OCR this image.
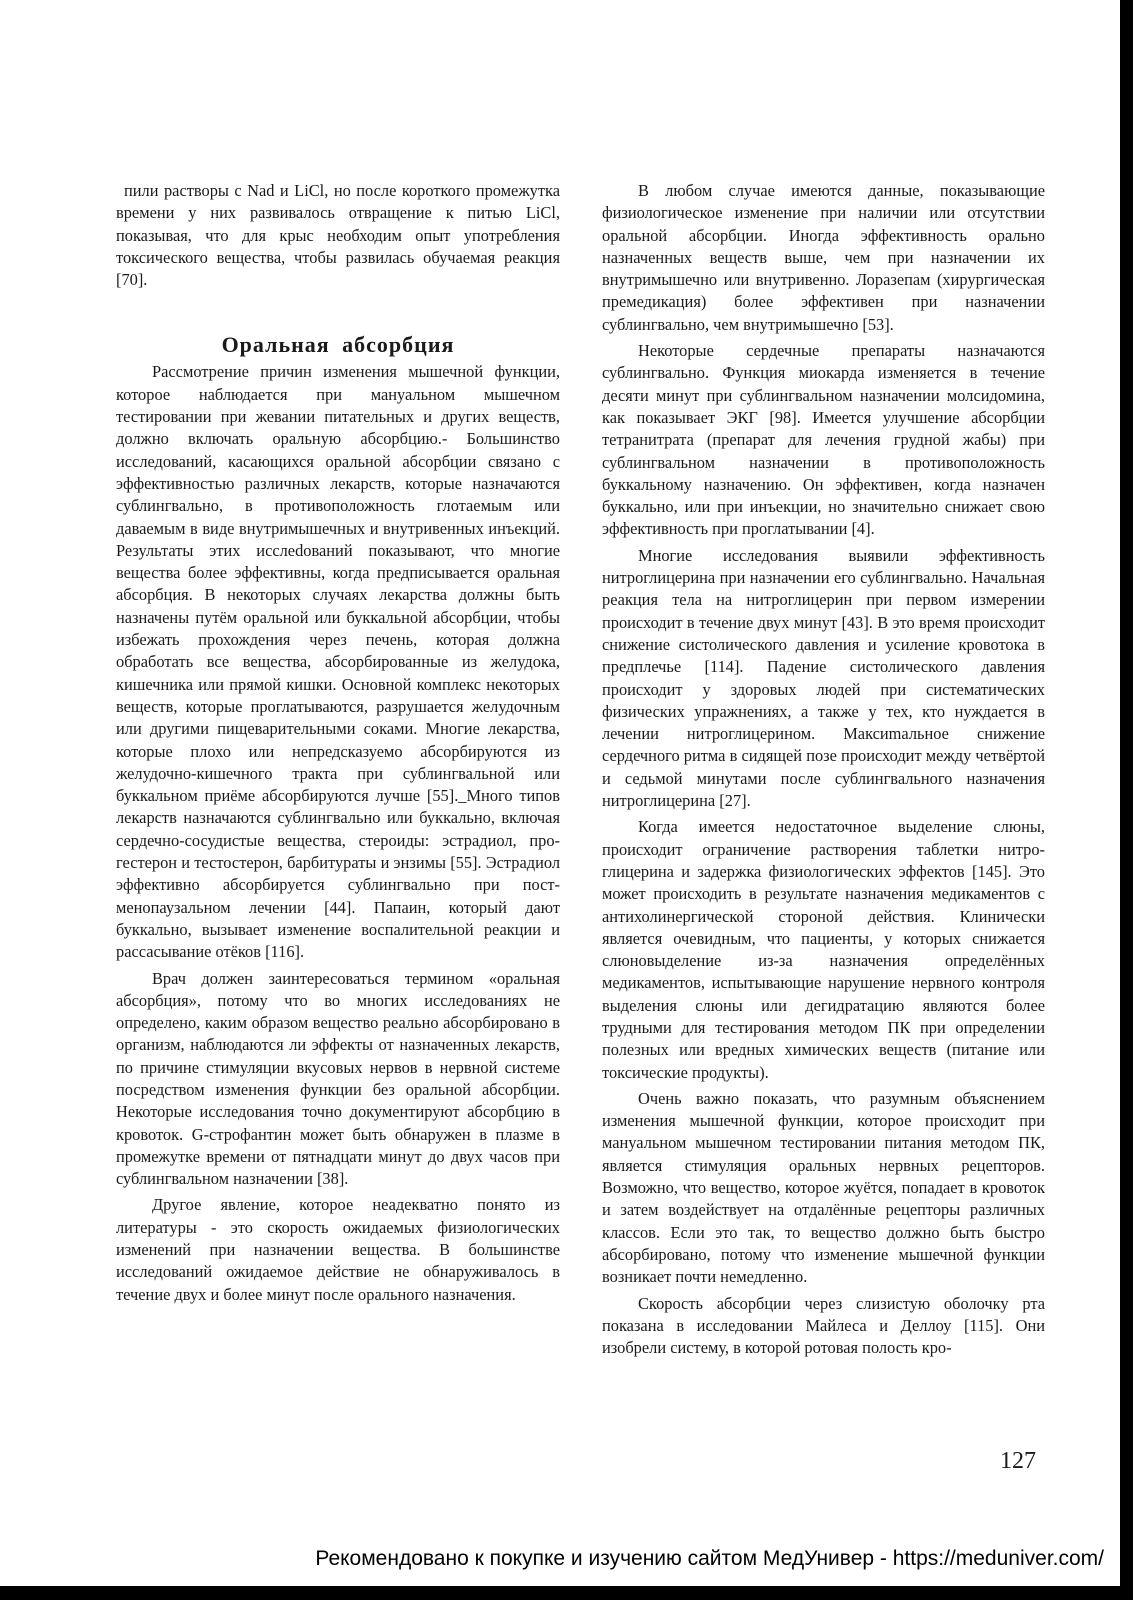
пили растворы с Nad и LiCl, но после короткого промежутка времени у них развивалось отвращение к питью LiCl, показывая, что для крыс необходим опыт употребления токсического вещества, чтобы развилась обучаемая реакция [70].

Оральная абсорбция

Рассмотрение причин изменения мышечной функции, которое наблюдается при мануальном мышечном тестировании при жевании питательных и других веществ, должно включать оральную абсорбцию.- Большинство исследований, касающихся оральной абсорбции связано с эффективностью различных лекарств, которые назначаются сублингвально, в противоположность глотаемым или даваемым в виде внутримышечных и внутривенных инъекций. Результаты этих исслеdований показывают, что многие вещества более эффективны, когда предписывается оральная абсорбция. В некоторых случаях лекарства должны быть назначены путём оральной или буккальной абсорбции, чтобы избежать прохождения через печень, которая должна обработать все вещества, абсорбированные из желудока, кишечника или прямой кишки. Основной комплекс некоторых веществ, которые проглатываются, разрушается желудочным или другими пищеварительными соками. Многие лекарства, которые плохо или непредсказуемо абсорбируются из желудочно-кишечного тракта при сублингвальной или буккальном приёме абсорбируются лучше [55]._Много типов лекарств назначаются сублингвально или буккально, включая сердечно-сосудистые вещества, стероиды: эстрадиол, прогестерон и тестостерон, барбитураты и энзимы [55]. Эстрадиол эффективно абсорбируется сублингвально при пост-менопаузальном лечении [44]. Папаин, который дают буккально, вызывает изменение воспалительной реакции и рассасывание отёков [116].

Врач должен заинтересоваться термином «оральная абсорбция», потому что во многих исследованиях не определено, каким образом вещество реально абсорбировано в организм, наблюдаются ли эффекты от назначенных лекарств, по причине стимуляции вкусовых нервов в нервной системе посредством изменения функции без оральной абсорбции. Некоторые исследования точно документируют абсорбцию в кровоток. G-строфантин может быть обнаружен в плазме в промежутке времени от пятнадцати минут до двух часов при сублингвальном назначении [38].

Другое явление, которое неадекватно понято из литературы - это скорость ожидаемых физиологических изменений при назначении вещества. В большинстве исследований ожидаемое действие не обнаруживалось в течение двух и более минут после орального назначения.

В любом случае имеются данные, показывающие физиологическое изменение при наличии или отсутствии оральной абсорбции. Иногда эффективность орально назначенных веществ выше, чем при назначении их внутримышечно или внутривенно. Лоразепам (хирургическая премедикация) более эффективен при назначении сублингвально, чем внутримышечно [53].

Некоторые сердечные препараты назначаются сублингвально. Функция миокарда изменяется в течение десяти минут при сублингвальном назначении молсидомина, как показывает ЭКГ [98]. Имеется улучшение абсорбции тетранитрата (препарат для лечения грудной жабы) при сублингвальном назначении в противоположность буккальному назначению. Он эффективен, когда назначен буккально, или при инъекции, но значительно снижает свою эффективность при проглатывании [4].

Многие исследования выявили эффективность нитроглицерина при назначении его сублингвально. Начальная реакция тела на нитроглицерин при первом измерении происходит в течение двух минут [43]. В это время происходит снижение систолического давления и усиление кровотока в предплечье [114]. Падение систолического давления происходит у здоровых людей при систематических физических упражнениях, а также у тех, кто нуждается в лечении нитроглицерином. Максиmальное снижение сердечного ритма в сидящей позе происходит между четвёртой и седьмой минутами после сублингвального назначения нитроглицерина [27].

Когда имеется недостаточное выделение слюны, происходит ограничение растворения таблетки нитроглицерина и задержка физиологических эффектов [145]. Это может происходить в результате назначения медикаментов с антихолинергической стороной действия. Клинически является очевидным, что пациенты, у которых снижается слюновыделение из-за назначения определённых медикаментов, испытывающие нарушение нервного контроля выделения слюны или дегидратацию являются более трудными для тестирования методом ПК при определении полезных или вредных химических веществ (питание или токсические продукты).

Очень важно показать, что разумным объяснением изменения мышечной функции, которое происходит при мануальном мышечном тестировании питания методом ПК, является стимуляция оральных нервных рецепторов. Возможно, что вещество, которое жуётся, попадает в кровоток и затем воздействует на отдалённые рецепторы различных классов. Если это так, то вещество должно быть быстро абсорбировано, потому что изменение мышечной функции возникает почти немедленно.

Скорость абсорбции через слизистую оболочку рта показана в исследовании Майлеса и Деллоу [115]. Они изобрели систему, в которой ротовая полость кро-

127
Рекомендовано к покупке и изучению сайтом МедУнивер - https://meduniver.com/
